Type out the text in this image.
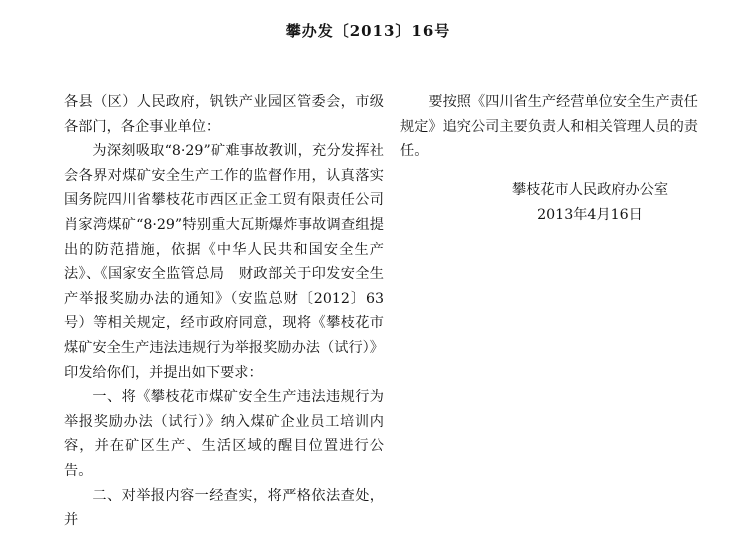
攀办发〔2013〕16号

各县（区）人民政府，钒铁产业园区管委会，市级各部门，各企事业单位：

为深刻吸取“8·29”矿难事故教训，充分发挥社会各界对煤矿安全生产工作的监督作用，认真落实国务院四川省攀枝花市西区正金工贸有限责任公司肖家湾煤矿“8·29”特别重大瓦斯爆炸事故调查组提出的防范措施，依据《中华人民共和国安全生产法》、《国家安全监管总局　财政部关于印发安全生产举报奖励办法的通知》（安监总财〔2012〕63号）等相关规定，经市政府同意，现将《攀枝花市煤矿安全生产违法违规行为举报奖励办法（试行）》印发给你们，并提出如下要求：

一、将《攀枝花市煤矿安全生产违法违规行为举报奖励办法（试行）》纳入煤矿企业员工培训内容，并在矿区生产、生活区域的醒目位置进行公告。

二、对举报内容一经查实，将严格依法查处，并

要按照《四川省生产经营单位安全生产责任规定》追究公司主要负责人和相关管理人员的责任。

攀枝花市人民政府办公室
2013年4月16日
